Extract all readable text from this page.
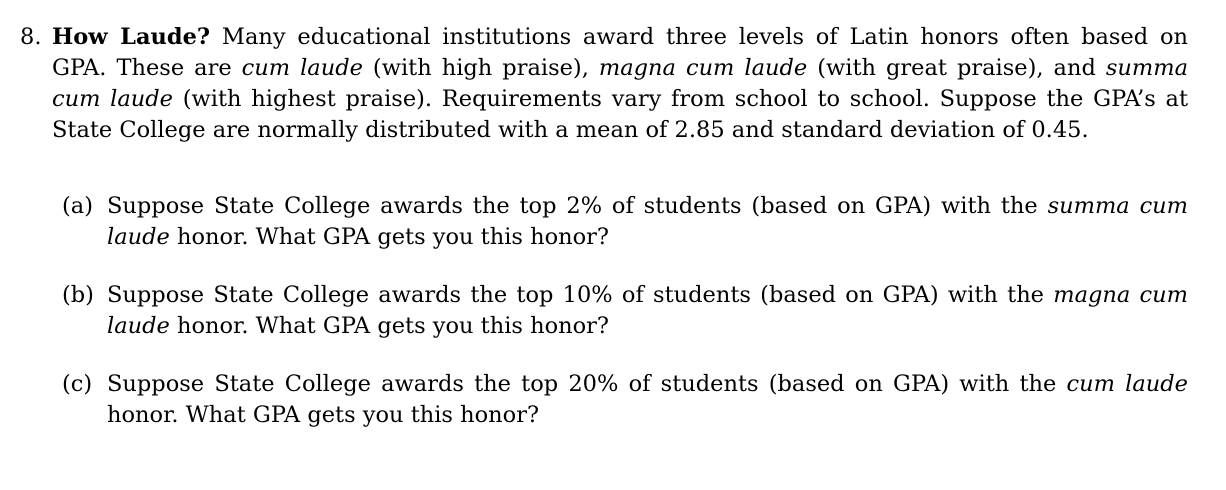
8. How Laude? Many educational institutions award three levels of Latin honors often based on GPA. These are cum laude (with high praise), magna cum laude (with great praise), and summa cum laude (with highest praise). Requirements vary from school to school. Suppose the GPA’s at State College are normally distributed with a mean of 2.85 and standard deviation of 0.45.
(a) Suppose State College awards the top 2% of students (based on GPA) with the summa cum laude honor. What GPA gets you this honor?
(b) Suppose State College awards the top 10% of students (based on GPA) with the magna cum laude honor. What GPA gets you this honor?
(c) Suppose State College awards the top 20% of students (based on GPA) with the cum laude honor. What GPA gets you this honor?
